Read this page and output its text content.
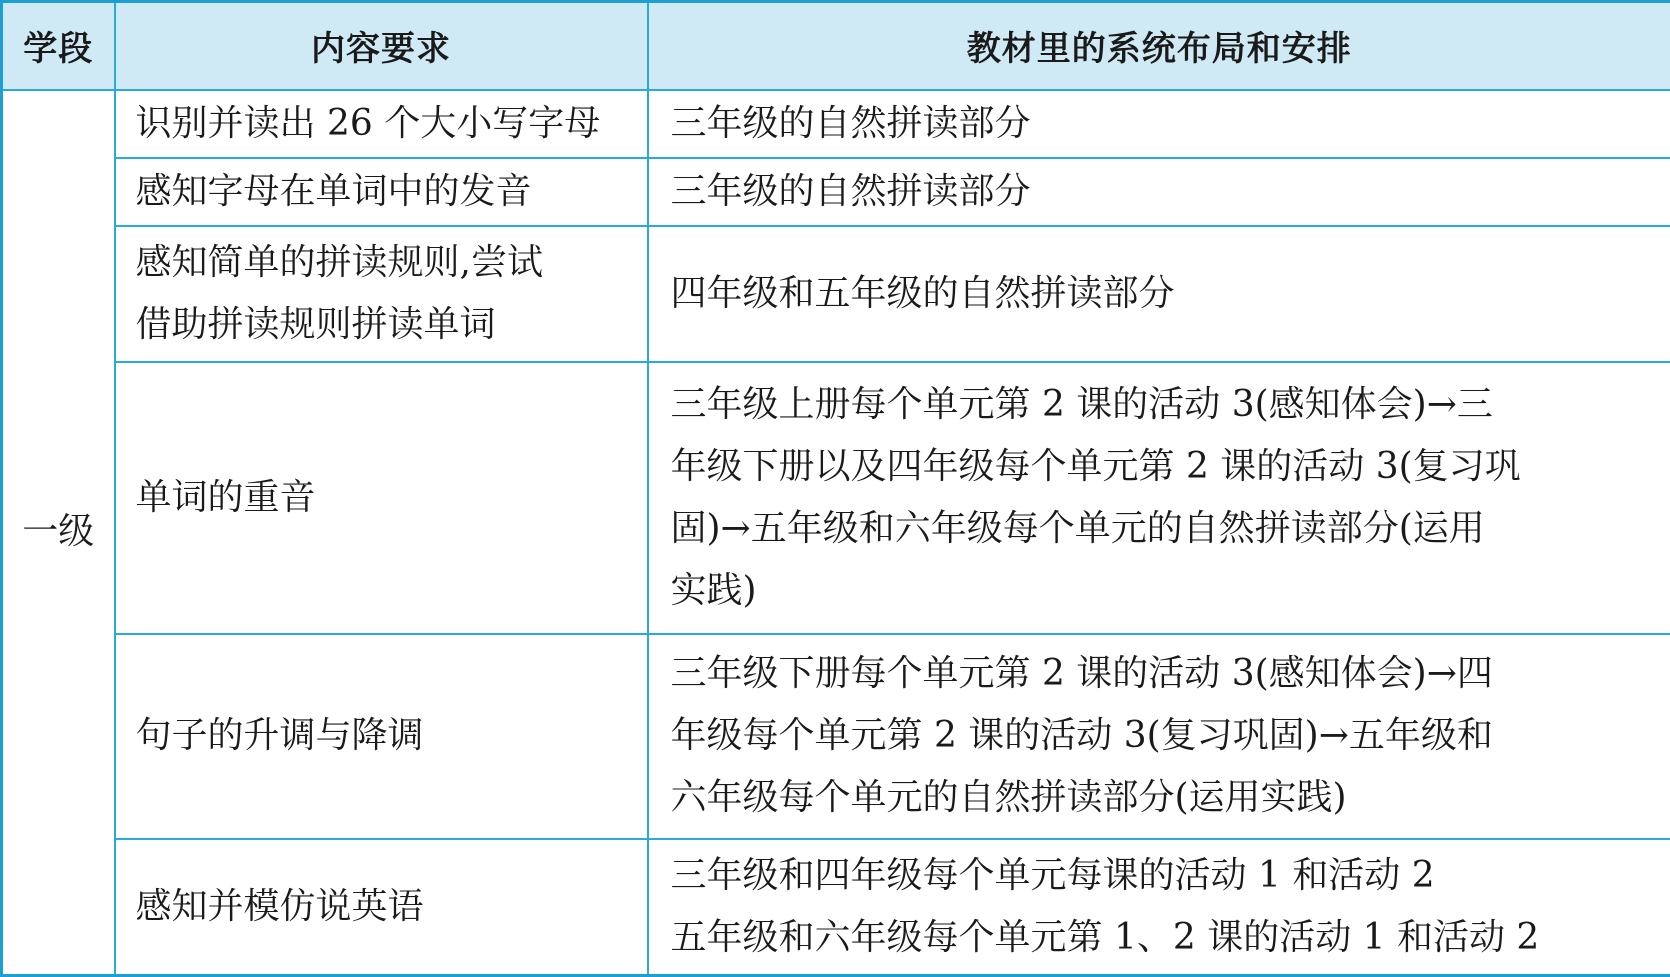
学段	内容要求	教材里的系统布局和安排
一级	识别并读出 26 个大小写字母	三年级的自然拼读部分

	感知字母在单词中的发音	三年级的自然拼读部分

	感知简单的拼读规则,尝试
借助拼读规则拼读单词	四年级和五年级的自然拼读部分

	单词的重音	三年级上册每个单元第 2 课的活动 3(感知体会)→三
年级下册以及四年级每个单元第 2 课的活动 3(复习巩
固)→五年级和六年级每个单元的自然拼读部分(运用
实践)

	句子的升调与降调	三年级下册每个单元第 2 课的活动 3(感知体会)→四
年级每个单元第 2 课的活动 3(复习巩固)→五年级和
六年级每个单元的自然拼读部分(运用实践)

	感知并模仿说英语	三年级和四年级每个单元每课的活动 1 和活动 2
五年级和六年级每个单元第 1、2 课的活动 1 和活动 2
